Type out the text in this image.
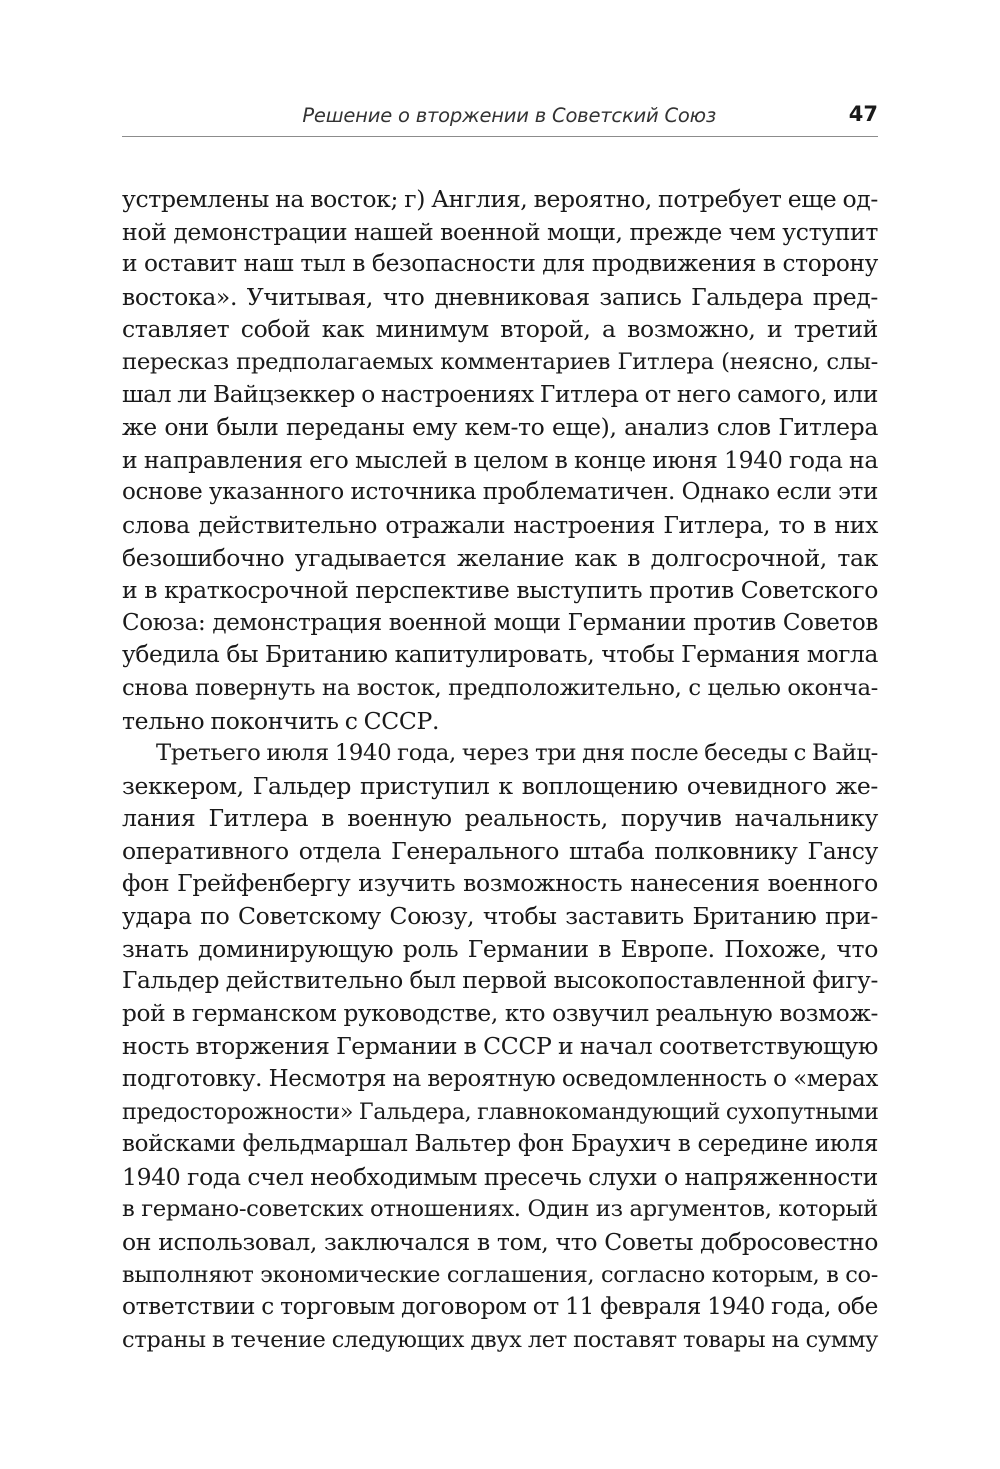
Решение о вторжении в Советский Союз	47
устремлены на восток; г) Англия, вероятно, потребует еще од-
ной демонстрации нашей военной мощи, прежде чем уступит
и оставит наш тыл в безопасности для продвижения в сторону
востока». Учитывая, что дневниковая запись Гальдера пред-
ставляет собой как минимум второй, а возможно, и третий
пересказ предполагаемых комментариев Гитлера (неясно, слы-
шал ли Вайцзеккер о настроениях Гитлера от него самого, или
же они были переданы ему кем-то еще), анализ слов Гитлера
и направления его мыслей в целом в конце июня 1940 года на
основе указанного источника проблематичен. Однако если эти
слова действительно отражали настроения Гитлера, то в них
безошибочно угадывается желание как в долгосрочной, так
и в краткосрочной перспективе выступить против Советского
Союза: демонстрация военной мощи Германии против Советов
убедила бы Британию капитулировать, чтобы Германия могла
снова повернуть на восток, предположительно, с целью оконча-
тельно покончить с СССР.
Третьего июля 1940 года, через три дня после беседы с Вайц-
зеккером, Гальдер приступил к воплощению очевидного же-
лания Гитлера в военную реальность, поручив начальнику
оперативного отдела Генерального штаба полковнику Гансу
фон Грейфенбергу изучить возможность нанесения военного
удара по Советскому Союзу, чтобы заставить Британию при-
знать доминирующую роль Германии в Европе. Похоже, что
Гальдер действительно был первой высокопоставленной фигу-
рой в германском руководстве, кто озвучил реальную возмож-
ность вторжения Германии в СССР и начал соответствующую
подготовку. Несмотря на вероятную осведомленность о «мерах
предосторожности» Гальдера, главнокомандующий сухопутными
войсками фельдмаршал Вальтер фон Браухич в середине июля
1940 года счел необходимым пресечь слухи о напряженности
в германо-советских отношениях. Один из аргументов, который
он использовал, заключался в том, что Советы добросовестно
выполняют экономические соглашения, согласно которым, в со-
ответствии с торговым договором от 11 февраля 1940 года, обе
страны в течение следующих двух лет поставят товары на сумму
